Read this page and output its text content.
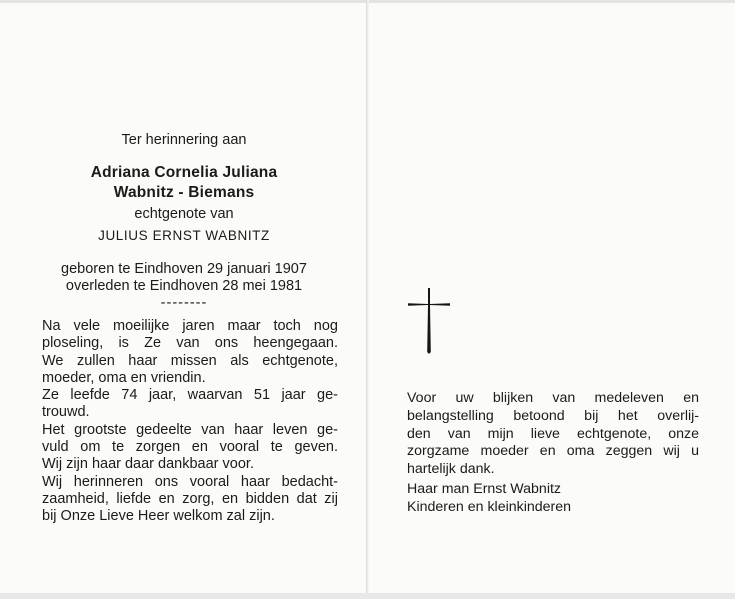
Ter herinnering aan
Adriana Cornelia Juliana
Wabnitz - Biemans
echtgenote van
JULIUS ERNST WABNITZ
geboren te Eindhoven 29 januari 1907
overleden te Eindhoven 28 mei 1981
--------
Na vele moeilijke jaren maar toch nog
ploseling, is Ze van ons heengegaan.
We zullen haar missen als echtgenote,
moeder, oma en vriendin.
Ze leefde 74 jaar, waarvan 51 jaar ge-
trouwd.
Het grootste gedeelte van haar leven ge-
vuld om te zorgen en vooral te geven.
Wij zijn haar daar dankbaar voor.
Wij herinneren ons vooral haar bedacht-
zaamheid, liefde en zorg, en bidden dat zij
bij Onze Lieve Heer welkom zal zijn.
Voor uw blijken van medeleven en
belangstelling betoond bij het overlij-
den van mijn lieve echtgenote, onze
zorgzame moeder en oma zeggen wij u
hartelijk dank.
Haar man Ernst Wabnitz
Kinderen en kleinkinderen
